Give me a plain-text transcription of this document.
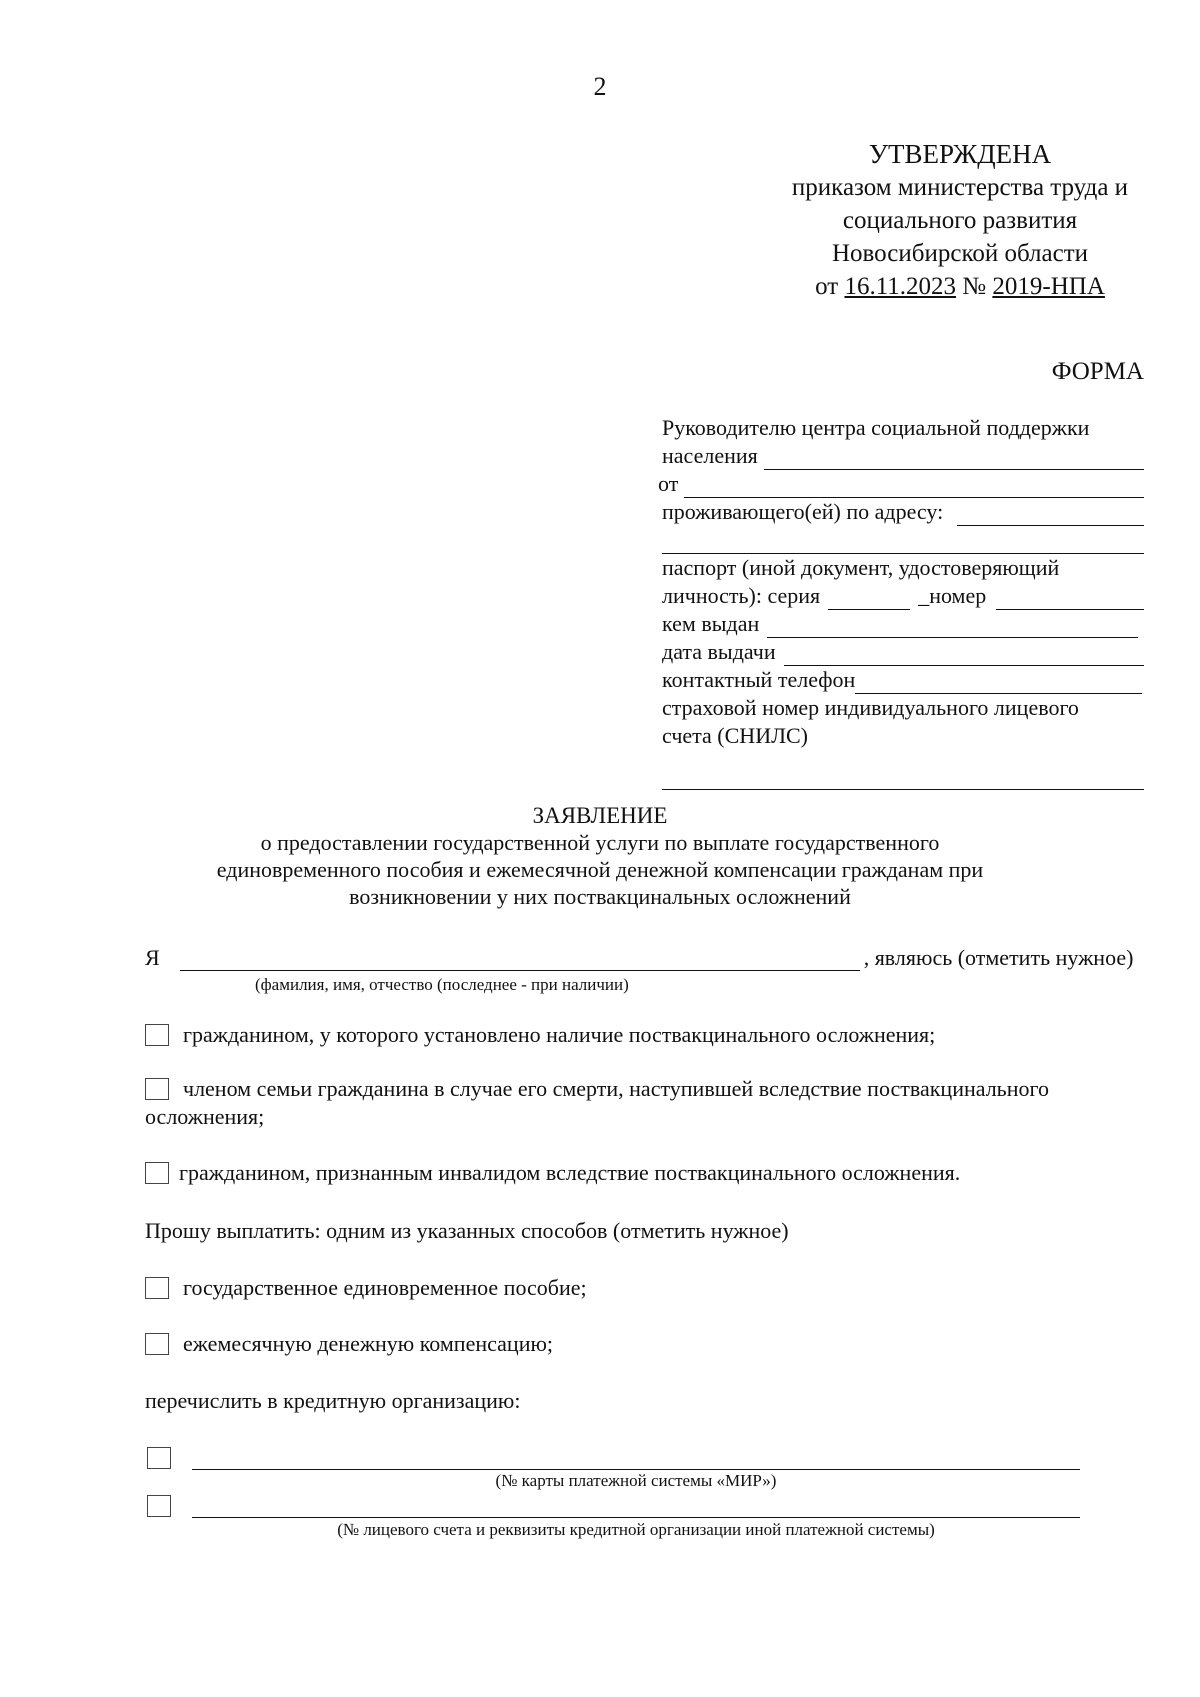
2
УТВЕРЖДЕНА
приказом министерства труда и
социального развития
Новосибирской области
от 16.11.2023 № 2019-НПА
ФОРМА
Руководителю центра социальной поддержки
населения
от
проживающего(ей) по адресу:
паспорт (иной документ, удостоверяющий
личность): серия	_номер
кем выдан
дата выдачи
контактный телефон
страховой номер индивидуального лицевого
счета (СНИЛС)
ЗАЯВЛЕНИЕ
о предоставлении государственной услуги по выплате государственного
единовременного пособия и ежемесячной денежной компенсации гражданам при
возникновении у них поствакцинальных осложнений
Я	, являюсь (отметить нужное)
(фамилия, имя, отчество (последнее - при наличии)
гражданином, у которого установлено наличие поствакцинального осложнения;
членом семьи гражданина в случае его смерти, наступившей вследствие поствакцинального осложнения;
гражданином, признанным инвалидом вследствие поствакцинального осложнения.
Прошу выплатить: одним из указанных способов (отметить нужное)
государственное единовременное пособие;
ежемесячную денежную компенсацию;
перечислить в кредитную организацию:
(№ карты платежной системы «МИР»)
(№ лицевого счета и реквизиты кредитной организации иной платежной системы)
